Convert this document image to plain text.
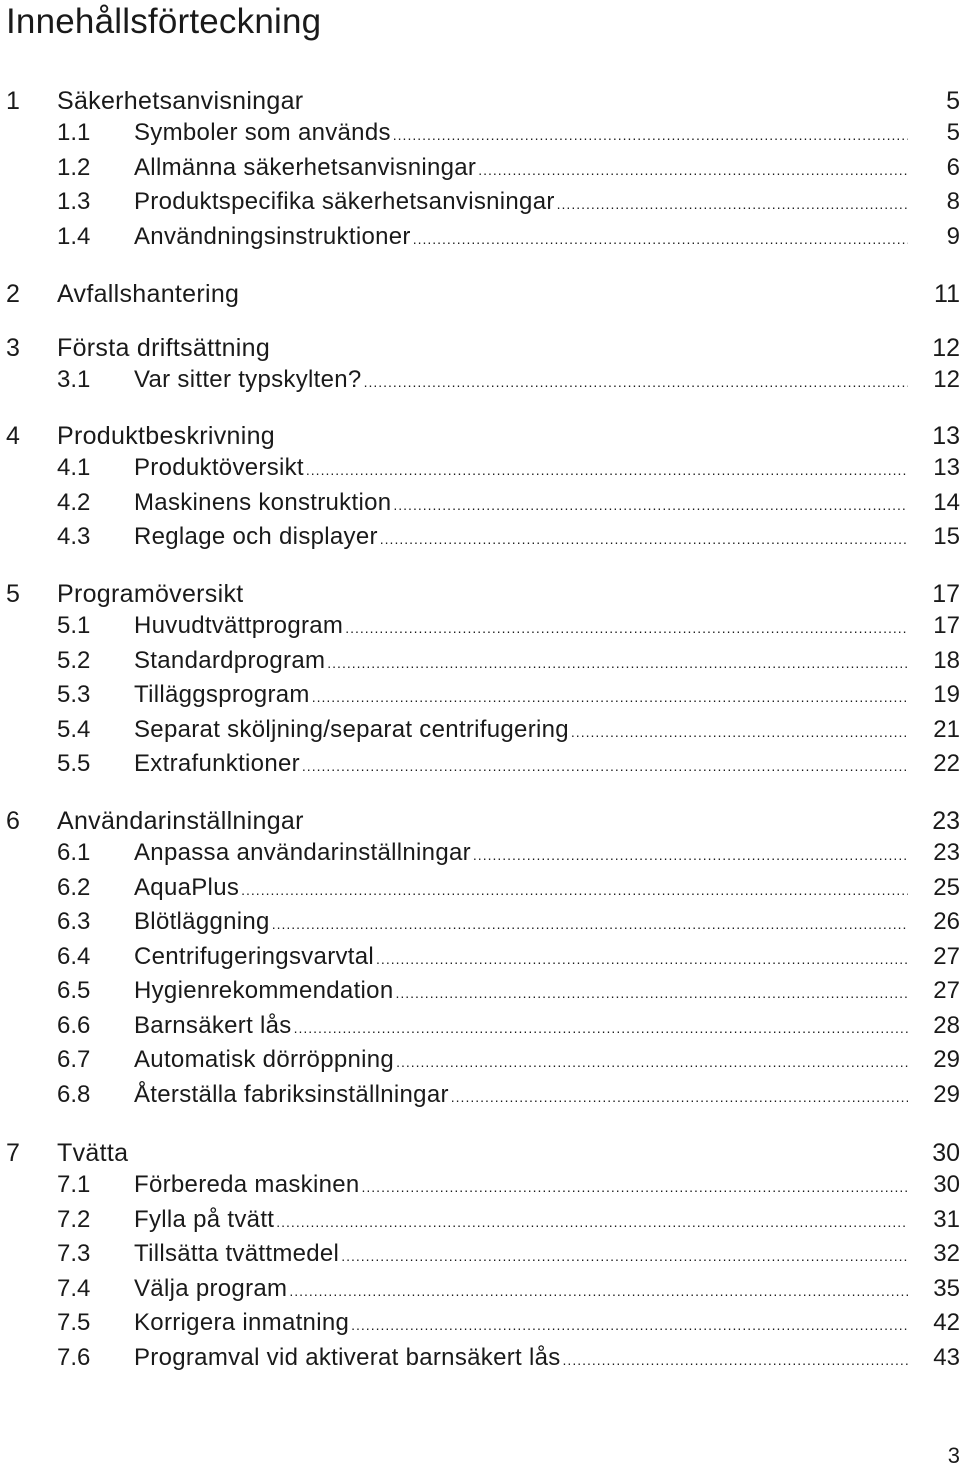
Innehållsförteckning
1 Säkerhetsanvisningar	5
1.1 Symboler som används .....	5
1.2 Allmänna säkerhetsanvisningar .....	6
1.3 Produktspecifika säkerhetsanvisningar .....	8
1.4 Användningsinstruktioner .....	9
2 Avfallshantering	11
3 Första driftsättning	12
3.1 Var sitter typskylten? .....	12
4 Produktbeskrivning	13
4.1 Produktöversikt .....	13
4.2 Maskinens konstruktion .....	14
4.3 Reglage och displayer .....	15
5 Programöversikt	17
5.1 Huvudtvättprogram .....	17
5.2 Standardprogram .....	18
5.3 Tilläggsprogram .....	19
5.4 Separat sköljning/separat centrifugering .....	21
5.5 Extrafunktioner .....	22
6 Användarinställningar	23
6.1 Anpassa användarinställningar .....	23
6.2 AquaPlus .....	25
6.3 Blötläggning .....	26
6.4 Centrifugeringsvarvtal .....	27
6.5 Hygienrekommendation .....	27
6.6 Barnsäkert lås .....	28
6.7 Automatisk dörröppning .....	29
6.8 Återställa fabriksinställningar .....	29
7 Tvätta	30
7.1 Förbereda maskinen .....	30
7.2 Fylla på tvätt .....	31
7.3 Tillsätta tvättmedel .....	32
7.4 Välja program .....	35
7.5 Korrigera inmatning .....	42
7.6 Programval vid aktiverat barnsäkert lås .....	43
3
